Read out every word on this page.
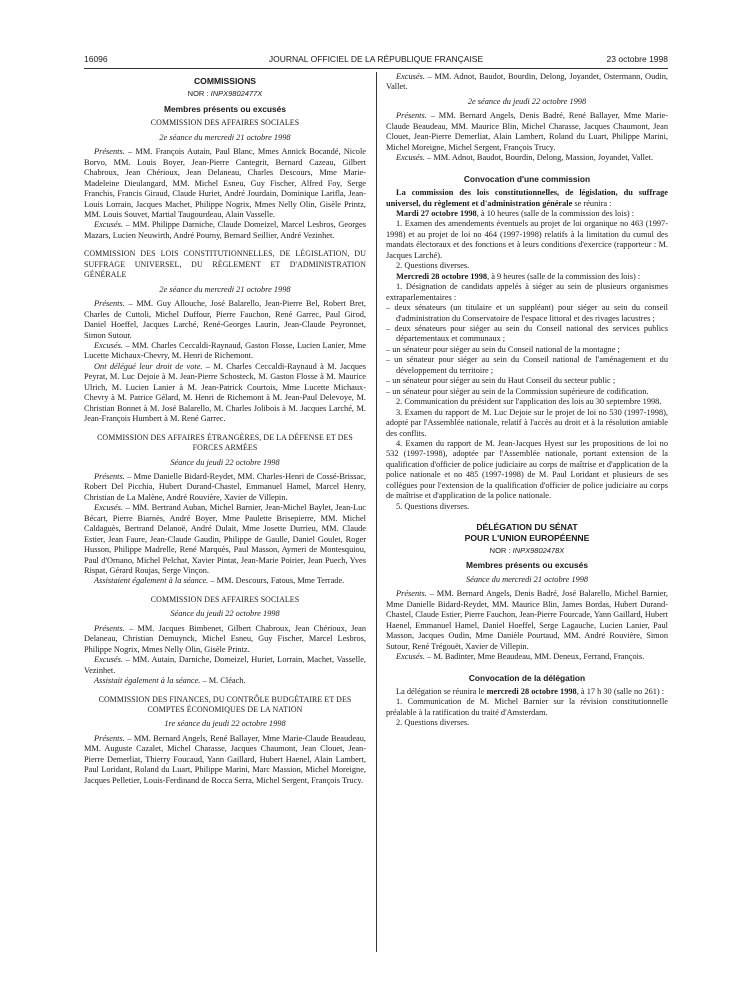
JOURNAL OFFICIEL DE LA RÉPUBLIQUE FRANÇAISE
16096	23 octobre 1998

COMMISSIONS

NOR : INPX9802477X

Membres présents ou excusés

COMMISSION DES AFFAIRES SOCIALES

2e séance du mercredi 21 octobre 1998

Présents. – MM. François Autain, Paul Blanc, Mmes Annick Bocandé, Nicole Borvo, MM. Louis Boyer, Jean-Pierre Cantegrit, Bernard Cazeau, Gilbert Chabroux, Jean Chérioux, Jean Delaneau, Charles Descours, Mme Marie-Madeleine Dieulangard, MM. Michel Esneu, Guy Fischer, Alfred Foy, Serge Franchis, Francis Giraud, Claude Huriet, André Jourdain, Dominique Larifla, Jean-Louis Lorrain, Jacques Machet, Philippe Nogrix, Mmes Nelly Olin, Gisèle Printz, MM. Louis Souvet, Martial Taugourdeau, Alain Vasselle.

Excusés. – MM. Philippe Darniche, Claude Domeizel, Marcel Lesbros, Georges Mazars, Lucien Neuwirth, André Pourny, Bernard Seillier, André Vezinhet.

COMMISSION DES LOIS CONSTITUTIONNELLES, DE LÉGISLATION, DU SUFFRAGE UNIVERSEL, DU RÈGLEMENT ET D'ADMINISTRATION GÉNÉRALE

2e séance du mercredi 21 octobre 1998

Présents. – MM. Guy Allouche, José Balarello, Jean-Pierre Bel, Robert Bret, Charles de Cuttoli, Michel Duffour, Pierre Fauchon, René Garrec, Paul Girod, Daniel Hoeffel, Jacques Larché, René-Georges Laurin, Jean-Claude Peyronnet, Simon Sutour.

Excusés. – MM. Charles Ceccaldi-Raynaud, Gaston Flosse, Lucien Lanier, Mme Lucette Michaux-Chevry, M. Henri de Richemont.

Ont délégué leur droit de vote. – M. Charles Ceccaldi-Raynaud à M. Jacques Peyrat, M. Luc Dejoie à M. Jean-Pierre Schosteck, M. Gaston Flosse à M. Maurice Ulrich, M. Lucien Lanier à M. Jean-Patrick Courtois, Mme Lucette Michaux-Chevry à M. Patrice Gélard, M. Henri de Richemont à M. Jean-Paul Delevoye, M. Christian Bonnet à M. José Balarello, M. Charles Jolibois à M. Jacques Larché, M. Jean-François Humbert à M. René Garrec.

COMMISSION DES AFFAIRES ÉTRANGÈRES, DE LA DÉFENSE ET DES FORCES ARMÉES

Séance du jeudi 22 octobre 1998

Présents. – Mme Danielle Bidard-Reydet, MM. Charles-Henri de Cossé-Brissac, Robert Del Picchia, Hubert Durand-Chastel, Emmanuel Hamel, Marcel Henry, Christian de La Malène, André Rouvière, Xavier de Villepin.

Excusés. – MM. Bertrand Auban, Michel Barnier, Jean-Michel Baylet, Jean-Luc Bécart, Pierre Biarnès, André Boyer, Mme Paulette Brisepierre, MM. Michel Caldaguès, Bertrand Delanoë, André Dulait, Mme Josette Durrieu, MM. Claude Estier, Jean Faure, Jean-Claude Gaudin, Philippe de Gaulle, Daniel Goulet, Roger Husson, Philippe Madrelle, René Marquès, Paul Masson, Aymeri de Montesquiou, Paul d'Ornano, Michel Pelchat, Xavier Pintat, Jean-Marie Poirier, Jean Puech, Yves Rispat, Gérard Roujas, Serge Vinçon.

Assistaient également à la séance. – MM. Descours, Fatous, Mme Terrade.

COMMISSION DES AFFAIRES SOCIALES

Séance du jeudi 22 octobre 1998

Présents. – MM. Jacques Bimbenet, Gilbert Chabroux, Jean Chérioux, Jean Delaneau, Christian Demuynck, Michel Esneu, Guy Fischer, Marcel Lesbros, Philippe Nogrix, Mmes Nelly Olin, Gisèle Printz.

Excusés. – MM. Autain, Darniche, Domeizel, Huriet, Lorrain, Machet, Vasselle, Vezinhet.

Assistait également à la séance. – M. Cléach.

COMMISSION DES FINANCES, DU CONTRÔLE BUDGÉTAIRE ET DES COMPTES ÉCONOMIQUES DE LA NATION

1re séance du jeudi 22 octobre 1998

Présents. – MM. Bernard Angels, René Ballayer, Mme Marie-Claude Beaudeau, MM. Auguste Cazalet, Michel Charasse, Jacques Chaumont, Jean Clouet, Jean-Pierre Demerliat, Thierry Foucaud, Yann Gaillard, Hubert Haenel, Alain Lambert, Paul Loridant, Roland du Luart, Philippe Marini, Marc Massion, Michel Moreigne, Jacques Pelletier, Louis-Ferdinand de Rocca Serra, Michel Sergent, François Trucy.

Excusés. – MM. Adnot, Baudot, Bourdin, Delong, Joyandet, Ostermann, Oudin, Vallet.

2e séance du jeudi 22 octobre 1998

Présents. – MM. Bernard Angels, Denis Badré, René Ballayer, Mme Marie-Claude Beaudeau, MM. Maurice Blin, Michel Charasse, Jacques Chaumont, Jean Clouet, Jean-Pierre Demerliat, Alain Lambert, Roland du Luart, Philippe Marini, Michel Moreigne, Michel Sergent, François Trucy.

Excusés. – MM. Adnot, Baudot, Bourdin, Delong, Massion, Joyandet, Vallet.

Convocation d'une commission

La commission des lois constitutionnelles, de législation, du suffrage universel, du règlement et d'administration générale se réunira :

Mardi 27 octobre 1998, à 10 heures (salle de la commission des lois) :

1. Examen des amendements éventuels au projet de loi organique no 463 (1997-1998) et au projet de loi no 464 (1997-1998) relatifs à la limitation du cumul des mandats électoraux et des fonctions et à leurs conditions d'exercice (rapporteur : M. Jacques Larché).

2. Questions diverses.

Mercredi 28 octobre 1998, à 9 heures (salle de la commission des lois) :

1. Désignation de candidats appelés à siéger au sein de plusieurs organismes extraparlementaires :

– deux sénateurs (un titulaire et un suppléant) pour siéger au sein du conseil d'administration du Conservatoire de l'espace littoral et des rivages lacustres ;

– deux sénateurs pour siéger au sein du Conseil national des services publics départementaux et communaux ;

– un sénateur pour siéger au sein du Conseil national de la montagne ;

– un sénateur pour siéger au sein du Conseil national de l'aménagement et du développement du territoire ;

– un sénateur pour siéger au sein du Haut Conseil du secteur public ;

– un sénateur pour siéger au sein de la Commission supérieure de codification.

2. Communication du président sur l'application des lois au 30 septembre 1998.

3. Examen du rapport de M. Luc Dejoie sur le projet de loi no 530 (1997-1998), adopté par l'Assemblée nationale, relatif à l'accès au droit et à la résolution amiable des conflits.

4. Examen du rapport de M. Jean-Jacques Hyest sur les propositions de loi no 532 (1997-1998), adoptée par l'Assemblée nationale, portant extension de la qualification d'officier de police judiciaire au corps de maîtrise et d'application de la police nationale et no 485 (1997-1998) de M. Paul Loridant et plusieurs de ses collègues pour l'extension de la qualification d'officier de police judiciaire au corps de maîtrise et d'application de la police nationale.

5. Questions diverses.

DÉLÉGATION DU SÉNAT

POUR L'UNION EUROPÉENNE

NOR : INPX9802478X

Membres présents ou excusés

Séance du mercredi 21 octobre 1998

Présents. – MM. Bernard Angels, Denis Badré, José Balarello, Michel Barnier, Mme Danielle Bidard-Reydet, MM. Maurice Blin, James Bordas, Hubert Durand-Chastel, Claude Estier, Pierre Fauchon, Jean-Pierre Fourcade, Yann Gaillard, Hubert Haenel, Emmanuel Hamel, Daniel Hoeffel, Serge Lagauche, Lucien Lanier, Paul Masson, Jacques Oudin, Mme Danièle Pourtaud, MM. André Rouvière, Simon Sutour, René Trégouët, Xavier de Villepin.

Excusés. – M. Badinter, Mme Beaudeau, MM. Deneux, Ferrand, François.

Convocation de la délégation

La délégation se réunira le mercredi 28 octobre 1998, à 17 h 30 (salle no 261) :

1. Communication de M. Michel Barnier sur la révision constitutionnelle préalable à la ratification du traité d'Amsterdam.

2. Questions diverses.
